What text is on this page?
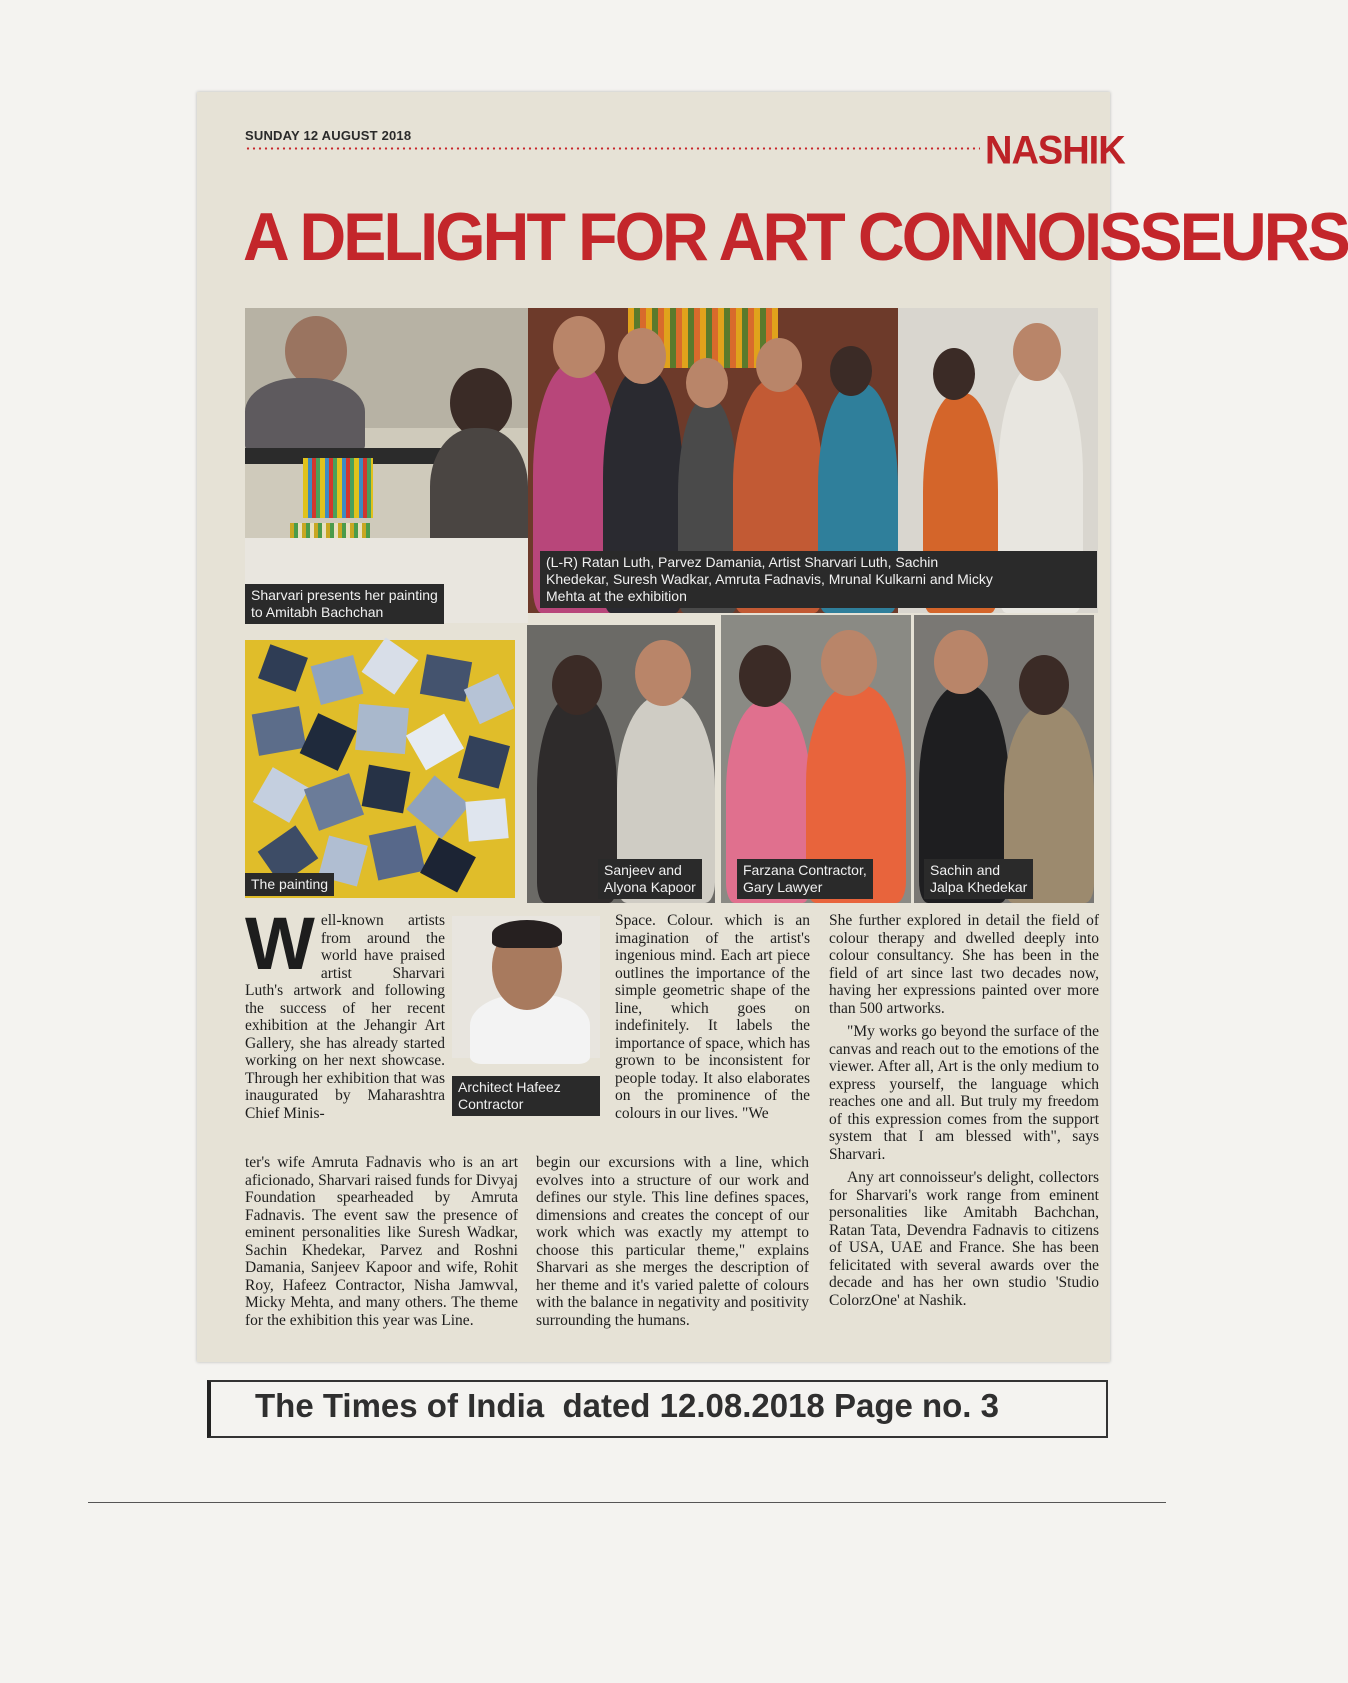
SUNDAY 12 AUGUST 2018	NASHIK
A DELIGHT FOR ART CONNOISSEURS
Sharvari presents her painting
to Amitabh Bachchan
(L-R) Ratan Luth, Parvez Damania, Artist Sharvari Luth, Sachin
Khedekar, Suresh Wadkar, Amruta Fadnavis, Mrunal Kulkarni and Micky
Mehta at the exhibition
The painting
Sanjeev and
Alyona Kapoor
Farzana Contractor,
Gary Lawyer
Sachin and
Jalpa Khedekar
Well-known artists from around the world have praised artist Sharvari Luth's artwork and following the success of her recent exhibition at the Jehangir Art Gallery, she has already started working on her next showcase. Through her exhibition that was inaugurated by Maharashtra Chief Minis-
Architect Hafeez
Contractor
ter's wife Amruta Fadnavis who is an art aficionado, Sharvari raised funds for Divyaj Foundation spearheaded by Amruta Fadnavis. The event saw the presence of eminent personalities like Suresh Wadkar, Sachin Khedekar, Parvez and Roshni Damania, Sanjeev Kapoor and wife, Rohit Roy, Hafeez Contractor, Nisha Jamwval, Micky Mehta, and many others. The theme for the exhibition this year was Line.
Space. Colour. which is an imagination of the artist's ingenious mind. Each art piece outlines the importance of the simple geometric shape of the line, which goes on indefinitely. It labels the importance of space, which has grown to be inconsistent for people today. It also elaborates on the prominence of the colours in our lives. "We
begin our excursions with a line, which evolves into a structure of our work and defines our style. This line defines spaces, dimensions and creates the concept of our work which was exactly my attempt to choose this particular theme," explains Sharvari as she merges the description of her theme and it's varied palette of colours with the balance in negativity and positivity surrounding the humans.

She further explored in detail the field of colour therapy and dwelled deeply into colour consultancy. She has been in the field of art since last two decades now, having her expressions painted over more than 500 artworks.

"My works go beyond the surface of the canvas and reach out to the emotions of the viewer. After all, Art is the only medium to express yourself, the language which reaches one and all. But truly my freedom of this expression comes from the support system that I am blessed with", says Sharvari.

Any art connoisseur's delight, collectors for Sharvari's work range from eminent personalities like Amitabh Bachchan, Ratan Tata, Devendra Fadnavis to citizens of USA, UAE and France. She has been felicitated with several awards over the decade and has her own studio 'Studio ColorzOne' at Nashik.

The Times of India  dated 12.08.2018 Page no. 3
